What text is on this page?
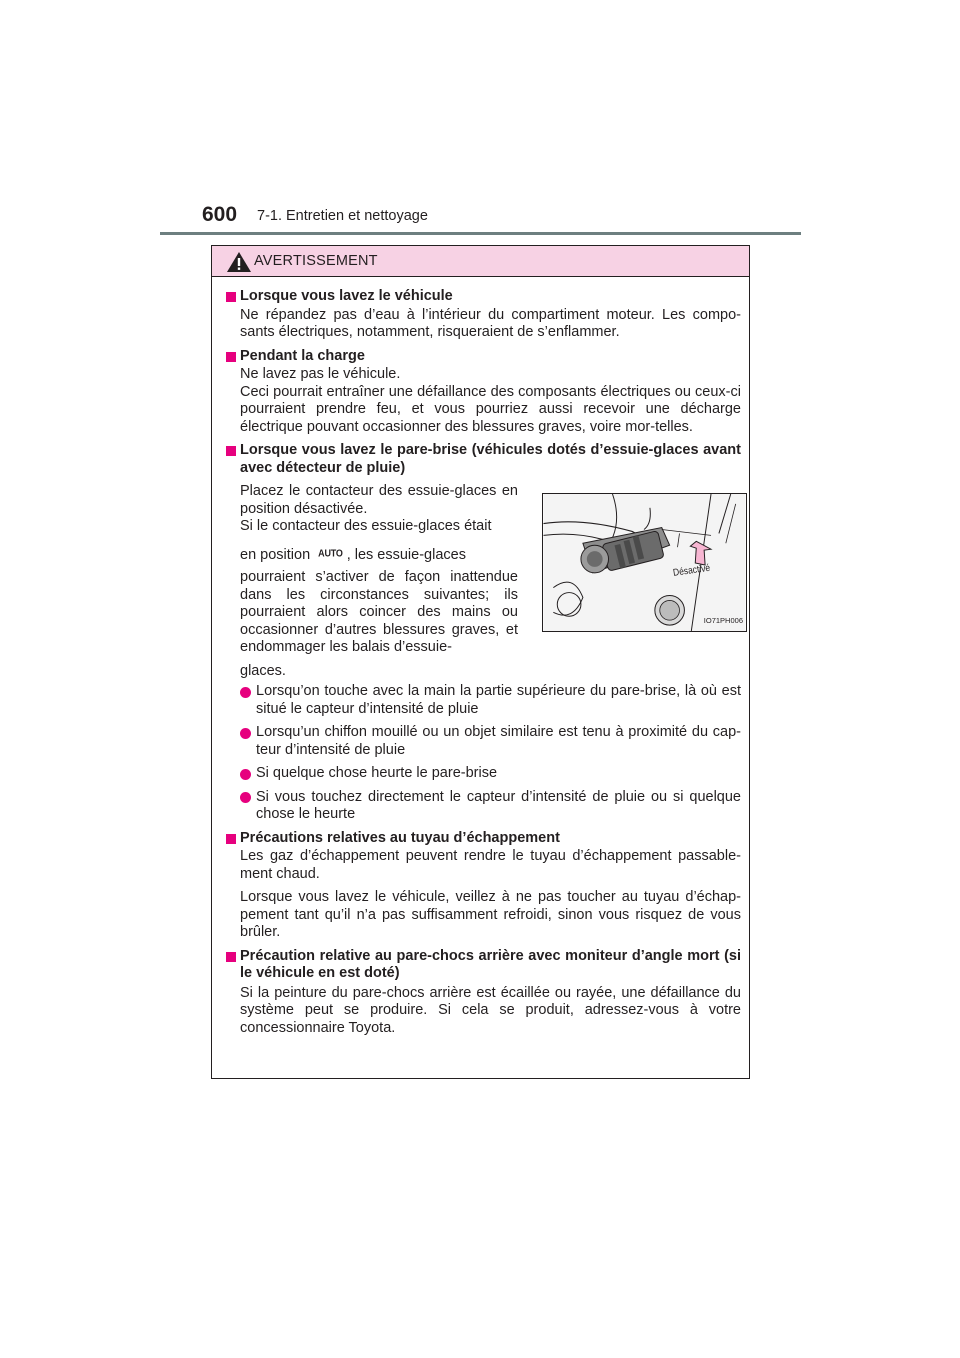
600 7-1. Entretien et nettoyage
AVERTISSEMENT
Lorsque vous lavez le véhicule
Ne répandez pas d’eau à l’intérieur du compartiment moteur. Les compo-sants électriques, notamment, risqueraient de s’enflammer.
Pendant la charge
Ne lavez pas le véhicule.
Ceci pourrait entraîner une défaillance des composants électriques ou ceux-ci pourraient prendre feu, et vous pourriez aussi recevoir une décharge électrique pouvant occasionner des blessures graves, voire mor-telles.
Lorsque vous lavez le pare-brise (véhicules dotés d’essuie-glaces avant avec détecteur de pluie)
Placez le contacteur des essuie-glaces en position désactivée.
Si le contacteur des essuie-glaces était
en position AUTO , les essuie-glaces
pourraient s’activer de façon inattendue dans les circonstances suivantes; ils pourraient alors coincer des mains ou occasionner d’autres blessures graves, et endommager les balais d’essuie-
Désactivé
IO71PH006
glaces.
Lorsqu’on touche avec la main la partie supérieure du pare-brise, là où est situé le capteur d’intensité de pluie
Lorsqu’un chiffon mouillé ou un objet similaire est tenu à proximité du cap-teur d’intensité de pluie
Si quelque chose heurte le pare-brise
Si vous touchez directement le capteur d’intensité de pluie ou si quelque chose le heurte
Précautions relatives au tuyau d’échappement
Les gaz d’échappement peuvent rendre le tuyau d’échappement passable-ment chaud.
Lorsque vous lavez le véhicule, veillez à ne pas toucher au tuyau d’échap-pement tant qu’il n’a pas suffisamment refroidi, sinon vous risquez de vous brûler.
Précaution relative au pare-chocs arrière avec moniteur d’angle mort (si le véhicule en est doté)
Si la peinture du pare-chocs arrière est écaillée ou rayée, une défaillance du système peut se produire. Si cela se produit, adressez-vous à votre concessionnaire Toyota.
